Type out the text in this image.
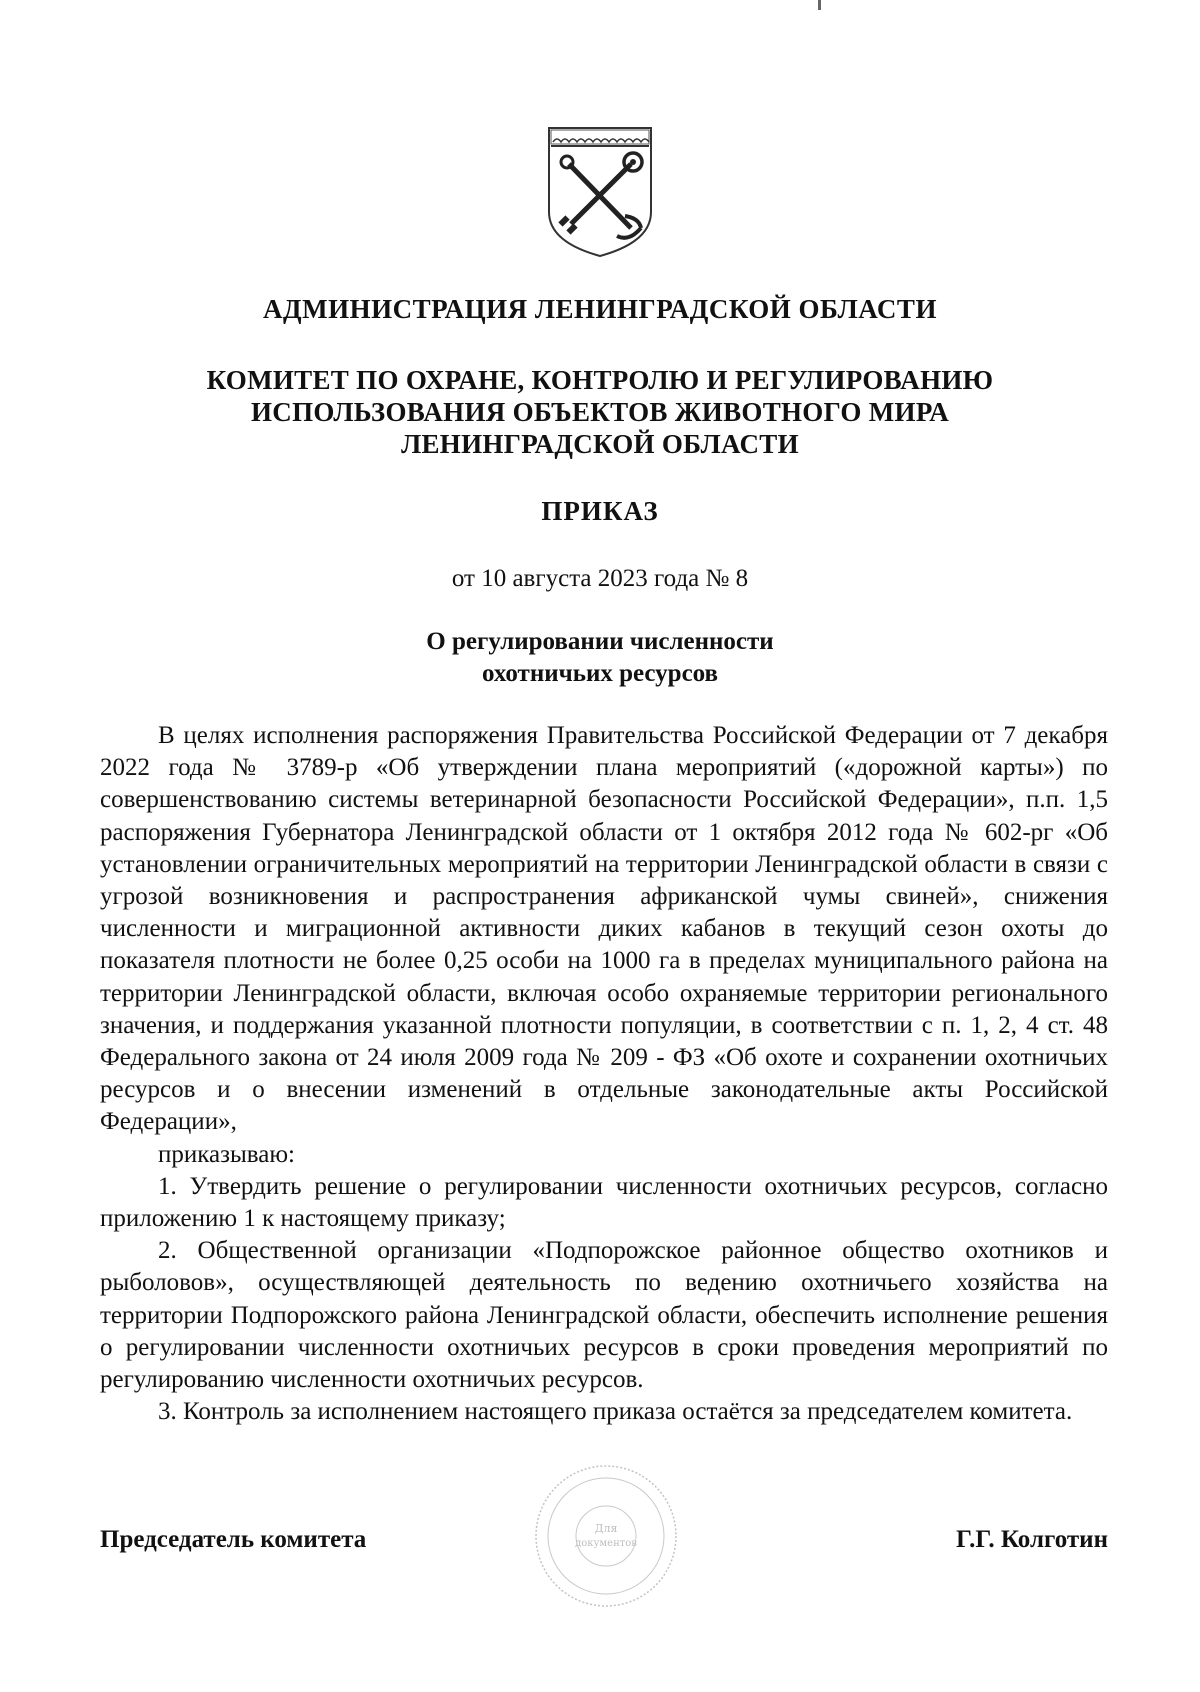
АДМИНИСТРАЦИЯ ЛЕНИНГРАДСКОЙ ОБЛАСТИ
КОМИТЕТ ПО ОХРАНЕ, КОНТРОЛЮ И РЕГУЛИРОВАНИЮ
ИСПОЛЬЗОВАНИЯ ОБЪЕКТОВ ЖИВОТНОГО МИРА
ЛЕНИНГРАДСКОЙ ОБЛАСТИ
ПРИКАЗ
от 10 августа 2023 года № 8
О регулировании численности
охотничьих ресурсов

В целях исполнения распоряжения Правительства Российской Федерации от 7 декабря 2022 года № 3789-р «Об утверждении плана мероприятий («дорожной карты») по совершенствованию системы ветеринарной безопасности Российской Федерации», п.п. 1,5 распоряжения Губернатора Ленинградской области от 1 октября 2012 года № 602-рг «Об установлении ограничительных мероприятий на территории Ленинградской области в связи с угрозой возникновения и распространения африканской чумы свиней», снижения численности и миграционной активности диких кабанов в текущий сезон охоты до показателя плотности не более 0,25 особи на 1000 га в пределах муниципального района на территории Ленинградской области, включая особо охраняемые территории регионального значения, и поддержания указанной плотности популяции, в соответствии с п. 1, 2, 4 ст. 48 Федерального закона от 24 июля 2009 года № 209 - ФЗ «Об охоте и сохранении охотничьих ресурсов и о внесении изменений в отдельные законодательные акты Российской Федерации»,

приказываю:

1. Утвердить решение о регулировании численности охотничьих ресурсов, согласно приложению 1 к настоящему приказу;

2. Общественной организации «Подпорожское районное общество охотников и рыболовов», осуществляющей деятельность по ведению охотничьего хозяйства на территории Подпорожского района Ленинградской области, обеспечить исполнение решения о регулировании численности охотничьих ресурсов в сроки проведения мероприятий по регулированию численности охотничьих ресурсов.

3. Контроль за исполнением настоящего приказа остаётся за председателем комитета.

Для
документов
Председатель комитета	Г.Г. Колготин
